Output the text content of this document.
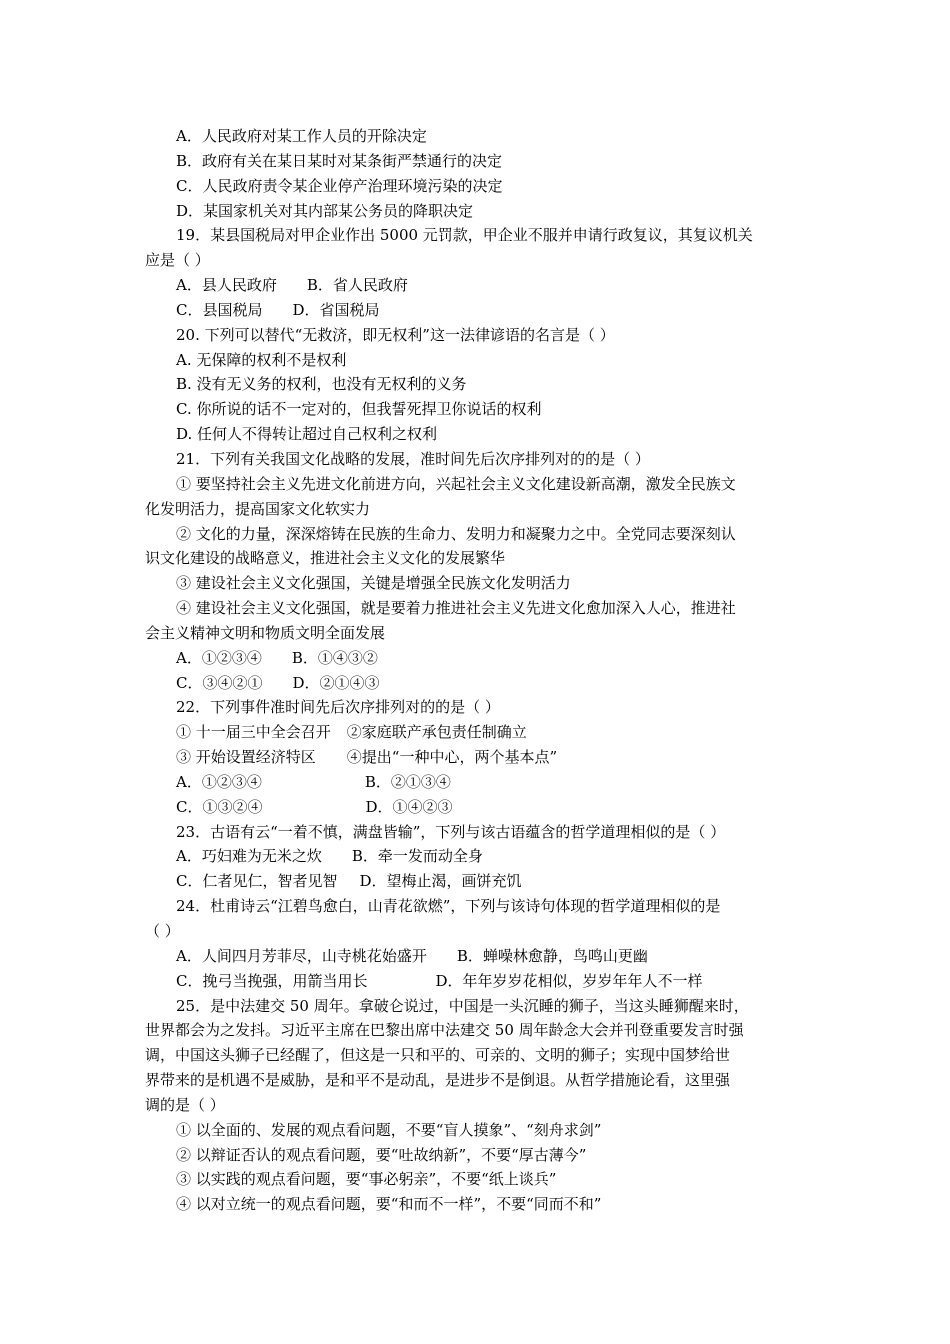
A．人民政府对某工作人员的开除决定
B．政府有关在某日某时对某条街严禁通行的决定
C．人民政府责令某企业停产治理环境污染的决定
D．某国家机关对其内部某公务员的降职决定
19．某县国税局对甲企业作出 5000 元罚款，甲企业不服并申请行政复议，其复议机关
应是（ ）
A．县人民政府 B．省人民政府
C．县国税局 D．省国税局
20. 下列可以替代“无救济，即无权利”这一法律谚语的名言是（ ）
A. 无保障的权利不是权利
B. 没有无义务的权利，也没有无权利的义务
C. 你所说的话不一定对的，但我誓死捍卫你说话的权利
D. 任何人不得转让超过自己权利之权利
21．下列有关我国文化战略的发展，准时间先后次序排列对的的是（ ）
① 要坚持社会主义先进文化前进方向，兴起社会主义文化建设新高潮，激发全民族文
化发明活力，提高国家文化软实力
② 文化的力量，深深熔铸在民族的生命力、发明力和凝聚力之中。全党同志要深刻认
识文化建设的战略意义，推进社会主义文化的发展繁华
③ 建设社会主义文化强国，关键是增强全民族文化发明活力
④ 建设社会主义文化强国，就是要着力推进社会主义先进文化愈加深入人心，推进社
会主义精神文明和物质文明全面发展
A．①②③④ B．①④③②
C．③④②① D．②①④③
22．下列事件准时间先后次序排列对的的是（ ）
① 十一届三中全会召开 ②家庭联产承包责任制确立
③ 开始设置经济特区 ④提出“一种中心，两个基本点”
A．①②③④	B．②①③④
C．①③②④	D．①④②③
23．古语有云“一着不慎，满盘皆输”，下列与该古语蕴含的哲学道理相似的是（ ）
A．巧妇难为无米之炊 B．牵一发而动全身
C．仁者见仁，智者见智 D．望梅止渴，画饼充饥
24．杜甫诗云“江碧鸟愈白，山青花欲燃”，下列与该诗句体现的哲学道理相似的是
（ ）
A．人间四月芳菲尽，山寺桃花始盛开 B．蝉噪林愈静，鸟鸣山更幽
C．挽弓当挽强，用箭当用长	D．年年岁岁花相似，岁岁年年人不一样
25．是中法建交 50 周年。拿破仑说过，中国是一头沉睡的狮子，当这头睡狮醒来时，
世界都会为之发抖。习近平主席在巴黎出席中法建交 50 周年龄念大会并刊登重要发言时强
调，中国这头狮子已经醒了，但这是一只和平的、可亲的、文明的狮子；实现中国梦给世
界带来的是机遇不是威胁，是和平不是动乱，是进步不是倒退。从哲学措施论看，这里强
调的是（ ）
① 以全面的、发展的观点看问题，不要“盲人摸象”、“刻舟求剑”
② 以辩证否认的观点看问题，要“吐故纳新”，不要“厚古薄今”
③ 以实践的观点看问题，要“事必躬亲”，不要“纸上谈兵”
④ 以对立统一的观点看问题，要“和而不一样”，不要“同而不和”
